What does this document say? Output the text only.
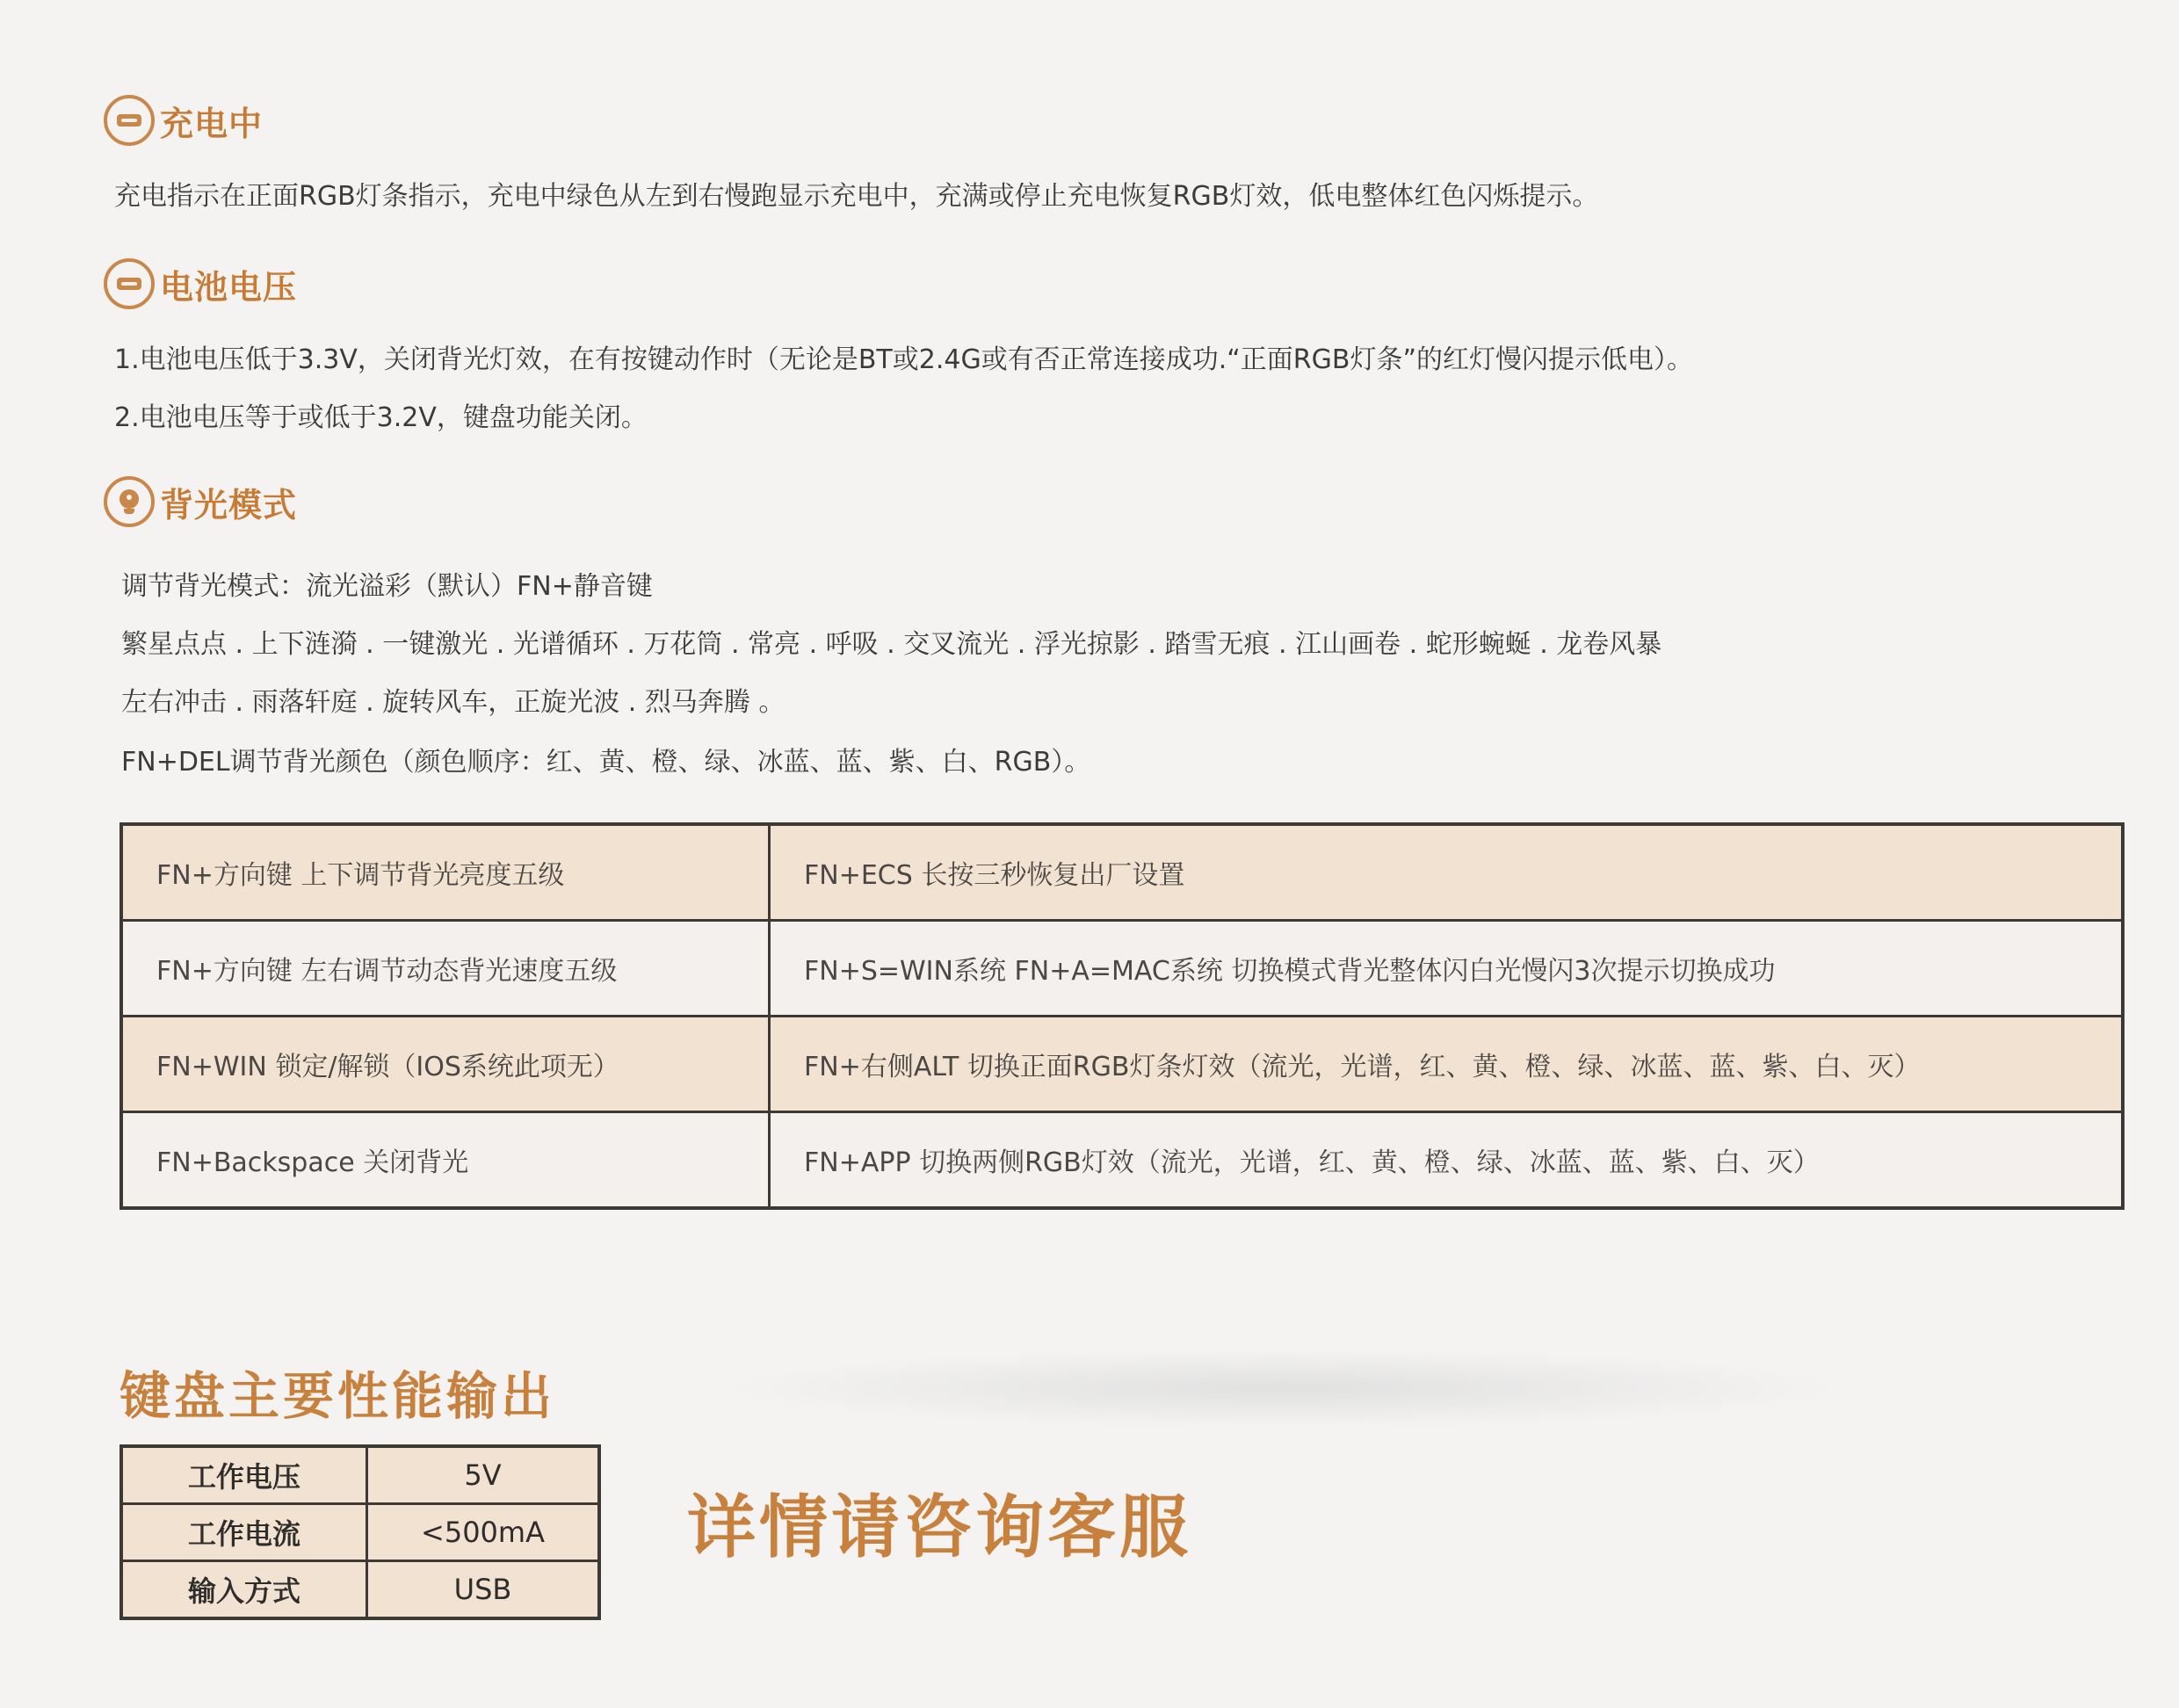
充电中
充电指示在正面RGB灯条指示，充电中绿色从左到右慢跑显示充电中，充满或停止充电恢复RGB灯效，低电整体红色闪烁提示。
电池电压
1.电池电压低于3.3V，关闭背光灯效，在有按键动作时（无论是BT或2.4G或有否正常连接成功.“正面RGB灯条”的红灯慢闪提示低电）。
2.电池电压等于或低于3.2V，键盘功能关闭。
背光模式
调节背光模式：流光溢彩（默认）FN+静音键
繁星点点 . 上下涟漪 . 一键激光 . 光谱循环 . 万花筒 . 常亮 . 呼吸 . 交叉流光 . 浮光掠影 . 踏雪无痕 . 江山画卷 . 蛇形蜿蜒 . 龙卷风暴
左右冲击 . 雨落轩庭 . 旋转风车，正旋光波 . 烈马奔腾 。
FN+DEL调节背光颜色（颜色顺序：红、黄、橙、绿、冰蓝、蓝、紫、白、RGB）。
FN+方向键 上下调节背光亮度五级	FN+ECS 长按三秒恢复出厂设置
FN+方向键 左右调节动态背光速度五级	FN+S=WIN系统 FN+A=MAC系统 切换模式背光整体闪白光慢闪3次提示切换成功
FN+WIN 锁定/解锁（IOS系统此项无）	FN+右侧ALT 切换正面RGB灯条灯效（流光，光谱，红、黄、橙、绿、冰蓝、蓝、紫、白、灭）
FN+Backspace 关闭背光	FN+APP 切换两侧RGB灯效（流光，光谱，红、黄、橙、绿、冰蓝、蓝、紫、白、灭）
键盘主要性能输出
工作电压	5V
工作电流	<500mA
输入方式	USB
详情请咨询客服
